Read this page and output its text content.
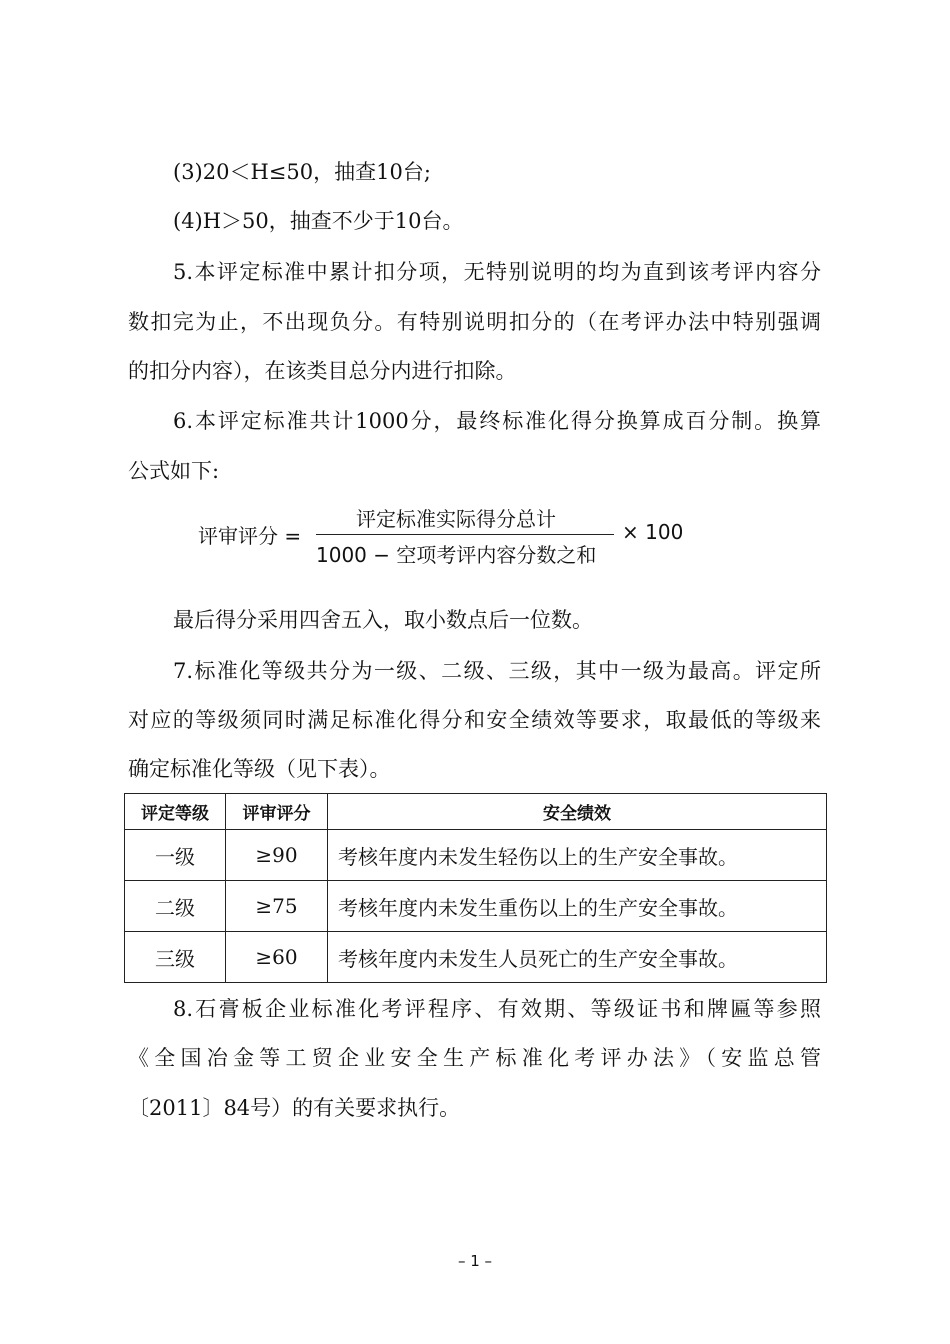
(3)20＜H≤50，抽查10台;
(4)H＞50，抽查不少于10台。
5.本评定标准中累计扣分项，无特别说明的均为直到该考评内容分
数扣完为止，不出现负分。有特别说明扣分的（在考评办法中特别强调
的扣分内容），在该类目总分内进行扣除。
6.本评定标准共计1000分，最终标准化得分换算成百分制。换算
公式如下:
评审评分 =
评定标准实际得分总计
1000 − 空项考评内容分数之和
× 100
最后得分采用四舍五入，取小数点后一位数。
7.标准化等级共分为一级、二级、三级，其中一级为最高。评定所
对应的等级须同时满足标准化得分和安全绩效等要求，取最低的等级来
确定标准化等级（见下表）。
评定等级	评审评分	安全绩效
一级	≥90	考核年度内未发生轻伤以上的生产安全事故。
二级	≥75	考核年度内未发生重伤以上的生产安全事故。
三级	≥60	考核年度内未发生人员死亡的生产安全事故。
8.石膏板企业标准化考评程序、有效期、等级证书和牌匾等参照
《全国冶金等工贸企业安全生产标准化考评办法》（安监总管
〔2011〕84号）的有关要求执行。
– 1 –
